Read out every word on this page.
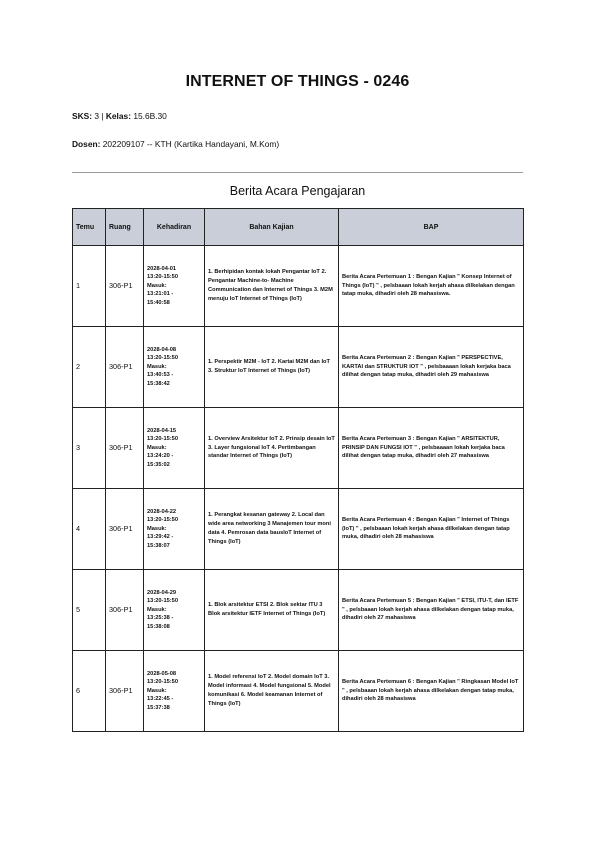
INTERNET OF THINGS - 0246
SKS: 3 | Kelas: 15.6B.30
Dosen: 202209107 -- KTH (Kartika Handayani, M.Kom)
Berita Acara Pengajaran
Temu	Ruang	Kehadiran	Bahan Kajian	BAP
1	306-P1	2028-04-01
13:20-15:50
Masuk:
13:21:01 -
15:40:58	1. Berhipidan kontak lokah Pengantar IoT 2. Pengantar Machine-to- Machine Communication dan Internet of Things 3. M2M menuju IoT Internet of Things (IoT)	Berita Acara Pertemuan 1 : Bengan Kajian " Konsep Internet of Things (IoT) " , pelsbaaan lokah kerjah ahasa dilkelakan dengan tatap muka, dihadiri oleh 28 mahasiswa.
2	306-P1	2028-04-08
13:20-15:50
Masuk:
13:40:53 -
15:38:42	1. Perspektir M2M - IoT 2. Kartai M2M dan IoT 3. Struktur IoT Internet of Things (IoT)	Berita Acara Pertemuan 2 : Bengan Kajian " PERSPECTIVE, KARTAI dan STRUKTUR IOT " , pelsbaaaan lokah kerjaka baca dilihat dengan tatap muka, dihadiri oleh 29 mahasiswa
3	306-P1	2028-04-15
13:20-15:50
Masuk:
13:24:20 -
15:35:02	1. Overview Arsitektur IoT 2. Prinsip desain IoT 3. Layer fungsional IoT 4. Pertimbangan standar Internet of Things (IoT)	Berita Acara Pertemuan 3 : Bengan Kajian " ARSITEKTUR, PRINSIP DAN FUNGSI IOT " , pelsbaaaan lokah kerjaka baca dilihat dengan tatap muka, dihadiri oleh 27 mahasiswa
4	306-P1	2028-04-22
13:20-15:50
Masuk:
13:29:42 -
15:38:07	1. Perangkat kesanan gateway 2. Local dan wide area networking 3 Manajemen tour moni data 4. Pemrosan data bausIoT Internet of Things (IoT)	Berita Acara Pertemuan 4 : Bengan Kajian " Internet of Things (IoT) " , pelsbaaan lokah kerjah ahasa dilkelakan dengan tatap muka, dihadiri oleh 28 mahasiswa
5	306-P1	2028-04-29
13:20-15:50
Masuk:
13:25:38 -
15:38:08	1. Blok arsitektur ETSI 2. Blok sektar ITU 3 Blok arsitektur IETF Internet of Things (IoT)	Berita Acara Pertemuan 5 : Bengan Kajian " ETSI, ITU-T, dan IETF " , pelsbaaan lokah kerjah ahasa dilkelakan dengan tatap muka, dihadiri oleh 27 mahasiswa
6	306-P1	2028-05-08
13:20-15:50
Masuk:
13:22:45 -
15:37:38	1. Model referensi IoT 2. Model domain IoT 3. Model informasi 4. Model fungsional 5. Model komunikasi 6. Model keamanan Internet of Things (IoT)	Berita Acara Pertemuan 6 : Bengan Kajian " Ringkasan Model IoT " , pelsbaaan lokah kerjah ahasa dilkelakan dengan tatap muka, dihadiri oleh 28 mahasiswa
